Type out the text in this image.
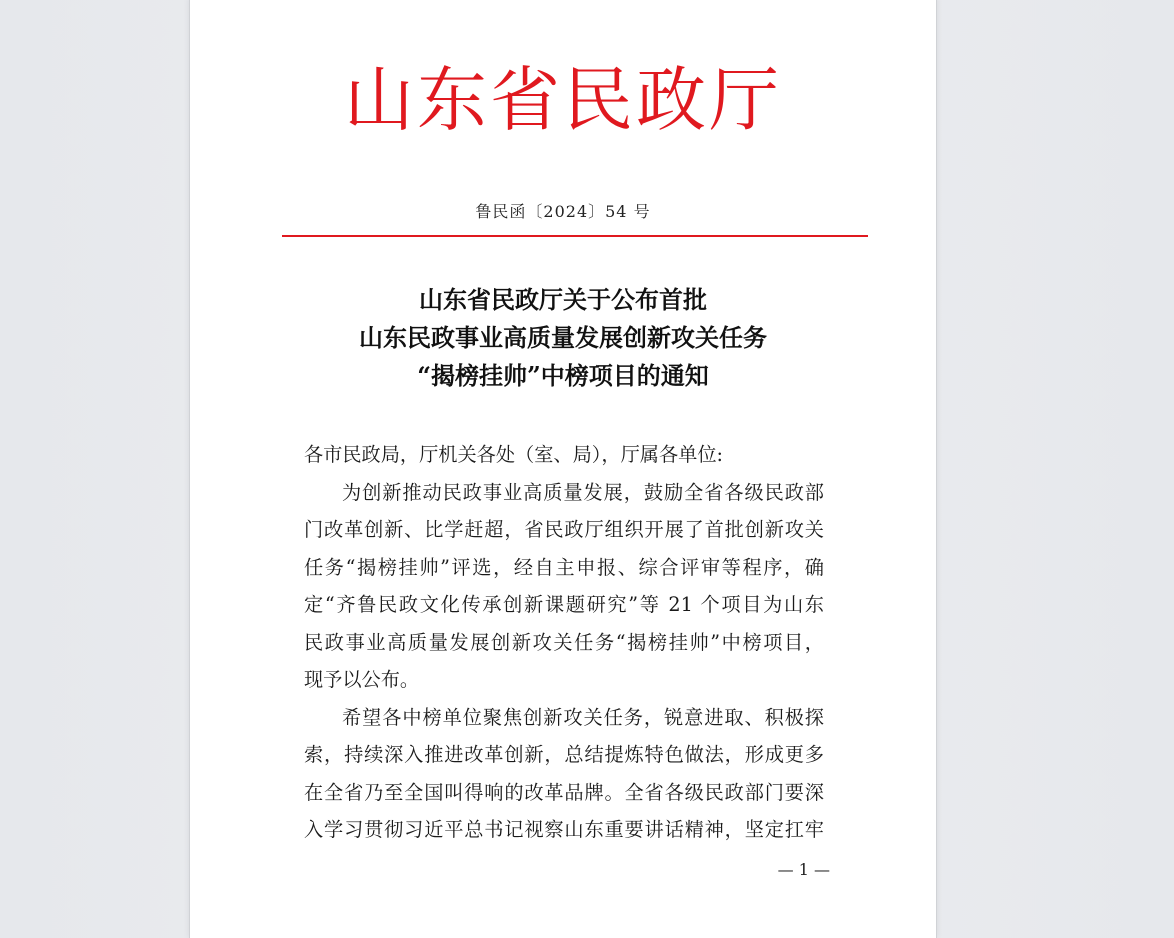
山东省民政厅
鲁民函〔2024〕54 号
山东省民政厅关于公布首批
山东民政事业高质量发展创新攻关任务
“揭榜挂帅”中榜项目的通知
各市民政局，厅机关各处（室、局），厅属各单位:
为创新推动民政事业高质量发展，鼓励全省各级民政部
门改革创新、比学赶超，省民政厅组织开展了首批创新攻关
任务“揭榜挂帅”评选，经自主申报、综合评审等程序，确
定“齐鲁民政文化传承创新课题研究”等 21 个项目为山东
民政事业高质量发展创新攻关任务“揭榜挂帅”中榜项目，
现予以公布。
希望各中榜单位聚焦创新攻关任务，锐意进取、积极探
索，持续深入推进改革创新，总结提炼特色做法，形成更多
在全省乃至全国叫得响的改革品牌。全省各级民政部门要深
入学习贯彻习近平总书记视察山东重要讲话精神，坚定扛牢
— 1 —
